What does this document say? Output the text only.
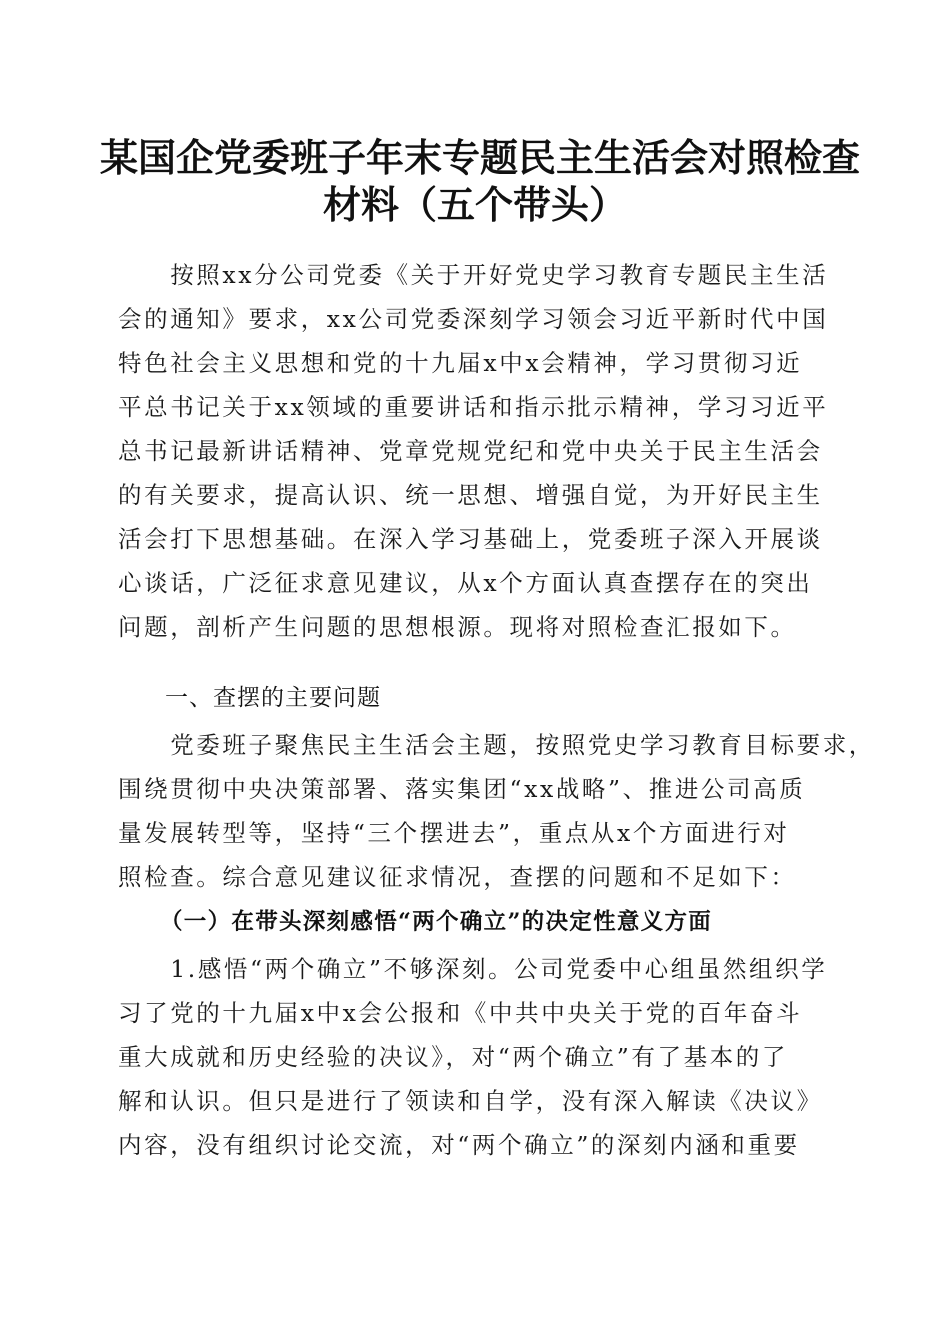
某国企党委班子年末专题民主生活会对照检查
材料（五个带头）
　　按照xx分公司党委《关于开好党史学习教育专题民主生活
会的通知》要求，xx公司党委深刻学习领会习近平新时代中国
特色社会主义思想和党的十九届x中x会精神，学习贯彻习近
平总书记关于xx领域的重要讲话和指示批示精神，学习习近平
总书记最新讲话精神、党章党规党纪和党中央关于民主生活会
的有关要求，提高认识、统一思想、增强自觉，为开好民主生
活会打下思想基础。在深入学习基础上，党委班子深入开展谈
心谈话，广泛征求意见建议，从x个方面认真查摆存在的突出
问题，剖析产生问题的思想根源。现将对照检查汇报如下。
一、查摆的主要问题
　　党委班子聚焦民主生活会主题，按照党史学习教育目标要求，
围绕贯彻中央决策部署、落实集团“xx战略”、推进公司高质
量发展转型等，坚持“三个摆进去”，重点从x个方面进行对
照检查。综合意见建议征求情况，查摆的问题和不足如下：
（一）在带头深刻感悟“两个确立”的决定性意义方面
　　1.感悟“两个确立”不够深刻。公司党委中心组虽然组织学
习了党的十九届x中x会公报和《中共中央关于党的百年奋斗
重大成就和历史经验的决议》，对“两个确立”有了基本的了
解和认识。但只是进行了领读和自学，没有深入解读《决议》
内容，没有组织讨论交流，对“两个确立”的深刻内涵和重要
